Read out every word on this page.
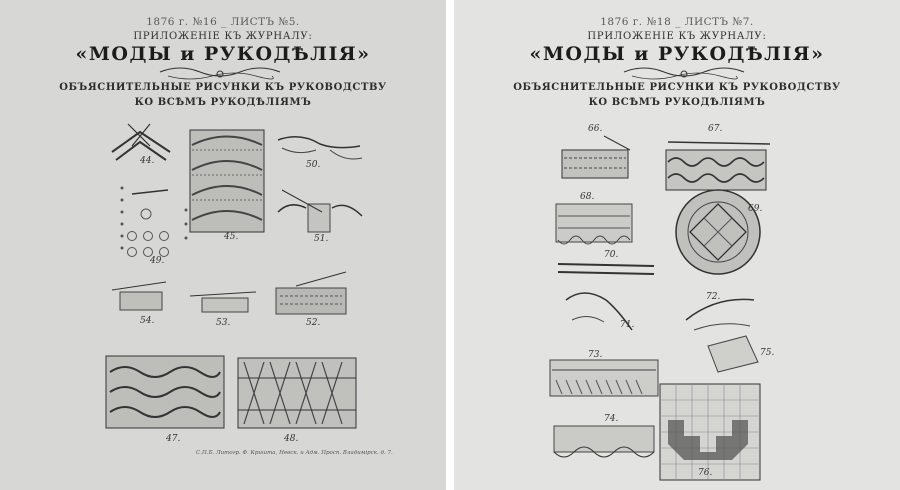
1876 г. №16 _ ЛИСТЪ №5.
ПРИЛОЖЕНІЕ КЪ ЖУРНАЛУ:
«МОДЫ и РУКОДѢЛІЯ»
ОБЪЯСНИТЕЛЬНЫЕ РИСУНКИ КЪ РУКОВОДСТВУ
КО ВСѢМЪ РУКОДѢЛІЯМЪ
44.
45.
50.
49.
51.
54.	53.	52.
47.	48.
С.П.Б. Литогр. Ф. Кришта, Невск. и Адм. Просп. Владимірск. д. 7.
1876 г. №18 _ ЛИСТЪ №7.
ПРИЛОЖЕНІЕ КЪ ЖУРНАЛУ:
«МОДЫ и РУКОДѢЛІЯ»
ОБЪЯСНИТЕЛЬНЫЕ РИСУНКИ КЪ РУКОВОДСТВУ
КО ВСѢМЪ РУКОДѢЛІЯМЪ
66.	67.
68.
69.
70.
71.
72.
73.	75.
74.
76.
